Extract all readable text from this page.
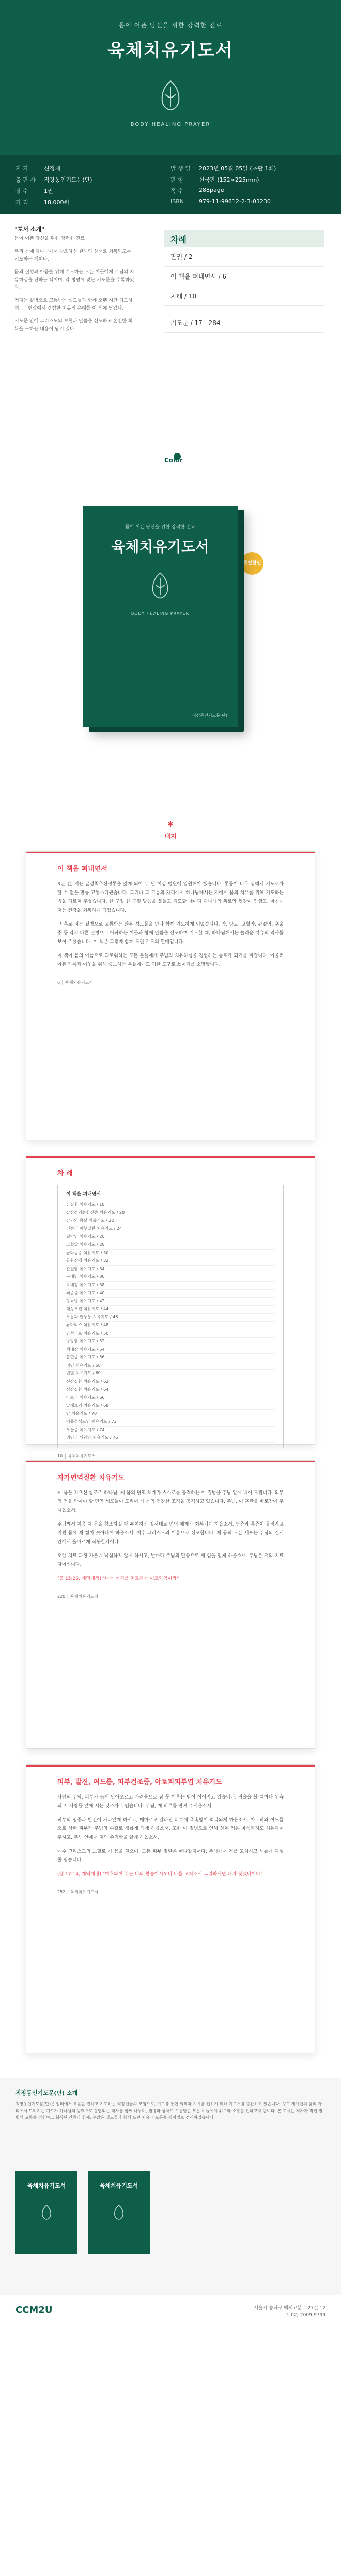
몸이 어픈 당신을 위한 강력한 진료
육체치유기도서
BODY HEALING PRAYER
지 자	신정재
출 판 사	직장동인기도문(단)
장 수	1권
가 격	18,000원
발 행 일	2023년 05월 05일 (초판 1쇄)
판 형	신국판 (152×225mm)
쪽 수	288page
ISBN	979-11-99612-2-3-03230
"도서 소개"

몸이 어픈 당신을 위한 강력한 진료

우리 몸에 하나님께서 창조하신 원래의 상태로 회복되도록 기도하는 책이다.

몸의 질병과 아픔을 위해 기도하는 모든 이들에게 주님의 치유하심을 전하는 책이며, 각 병명에 맞는 기도문을 수록하였다.

저자는 질병으로 고통받는 성도들과 함께 오랜 시간 기도하며, 그 현장에서 경험한 치유의 은혜를 이 책에 담았다.

기도문 안에 그리스도의 보혈과 말씀을 선포하고 온전한 회복을 구하는 내용이 담겨 있다.

차례
판권 / 2
이 책을 펴내면서 / 6
차례 / 10
기도문 / 17 - 284
Color
특별할인
몸이 어픈 당신을 위한 강력한 진료
육체치유기도서
BODY HEALING PRAYER
직장동인기도문(단)
✱
내지
이 책을 펴내면서

3년 전, 저는 급성척추신경통을 앓게 되어 두 달 이상 병원에 입원해야 했습니다. 통증이 너무 심해서 기도조차 할 수 없을 만큼 고통스러웠습니다. 그러나 그 고통의 자리에서 하나님께서는 저에게 몸의 치유를 위해 기도하는 법을 가르쳐 주셨습니다. 한 구절 한 구절 말씀을 붙들고 기도할 때마다 하나님의 위로와 평강이 임했고, 마침내 저는 건강을 회복하게 되었습니다.

그 후로 저는 질병으로 고통받는 많은 성도들을 만나 함께 기도하게 되었습니다. 암, 당뇨, 고혈압, 관절염, 우울증 등 각기 다른 질병으로 아파하는 이들과 함께 말씀을 선포하며 기도할 때, 하나님께서는 놀라운 치유의 역사를 보여 주셨습니다. 이 책은 그렇게 함께 드린 기도의 열매입니다.

이 책이 몸의 아픔으로 괴로워하는 모든 분들에게 주님의 치유하심을 경험하는 통로가 되기를 바랍니다. 아울러 아픈 가족과 이웃을 위해 중보하는 분들에게도 귀한 도구로 쓰이기를 소망합니다.

6 │ 육체치유기도서
차 례
이 책을 펴내면서
간질환 치유기도 / 18
갑상선기능항진증 치유기도 / 20
감기와 몸살 치유기도 / 22
건선과 피부질환 치유기도 / 24
결막염 치유기도 / 26
고혈압 치유기도 / 28
골다공증 치유기도 / 30
공황장애 치유기도 / 32
관절염 치유기도 / 34
구내염 치유기도 / 36
녹내장 치유기도 / 38
뇌졸중 치유기도 / 40
당뇨병 치유기도 / 42
대상포진 치유기도 / 44
두통과 편두통 치유기도 / 46
류마티스 치유기도 / 48
만성피로 치유기도 / 50
방광염 치유기도 / 52
백내장 치유기도 / 54
불면증 치유기도 / 56
비염 치유기도 / 58
빈혈 치유기도 / 60
신장질환 치유기도 / 62
심장질환 치유기도 / 64
아토피 치유기도 / 66
알레르기 치유기도 / 68
암 치유기도 / 70
역류성식도염 치유기도 / 72
우울증 치유기도 / 74
위염과 위궤양 치유기도 / 76
10 │ 육체치유기도서
자가면역질환 치유기도

제 몸을 지으신 창조주 하나님, 제 몸의 면역 체계가 스스로를 공격하는 이 질병을 주님 앞에 내어 드립니다. 외부의 적을 막아야 할 면역 세포들이 도리어 제 몸의 건강한 조직을 공격하고 있습니다. 주님, 이 혼란을 바로잡아 주시옵소서.

주님께서 처음 제 몸을 창조하실 때 부여하신 질서대로 면역 체계가 회복되게 하옵소서. 염증과 통증이 물러가고 지친 몸에 새 힘이 솟아나게 하옵소서. 예수 그리스도의 이름으로 선포합니다. 제 몸의 모든 세포는 주님의 질서 안에서 올바르게 작동할지어다.

오랜 치료 과정 가운데 낙심하지 않게 하시고, 날마다 주님의 말씀으로 새 힘을 얻게 하옵소서. 주님은 저의 치료자이십니다.

(출 15:26, 개역개정) "나는 너희를 치료하는 여호와임이라"
220 │ 육체치유기도서
피부, 발진, 여드름, 피부건조증, 아토피피부염 치유기도

사랑의 주님, 피부가 붉게 달아오르고 가려움으로 잠 못 이루는 밤이 이어지고 있습니다. 거울을 볼 때마다 위축되고, 사람들 앞에 서는 것조차 두렵습니다. 주님, 제 피부를 만져 주시옵소서.

피부의 염증과 발진이 가라앉게 하시고, 메마르고 갈라진 피부에 촉촉함이 회복되게 하옵소서. 아토피와 여드름으로 상한 피부가 주님의 손길로 새롭게 되게 하옵소서. 또한 이 질병으로 인해 상처 입은 마음까지도 치유하여 주시고, 주님 안에서 저의 존귀함을 알게 하옵소서.

예수 그리스도의 보혈로 제 몸을 덮으며, 모든 피부 질환은 떠나갈지어다. 주님께서 저를 고치시고 새롭게 하실 줄 믿습니다.

(렘 17:14, 개역개정) "여호와여 주는 나의 찬송이시오니 나를 고치소서 그리하시면 내가 낫겠나이다"
252 │ 육체치유기도서
직장동인기도문(단) 소개
직장동인기도문(단)은 일터에서 복음을 전하고 기도하는 직장인들의 모임으로, 기도를 통한 회복과 치유를 전하기 위해 기도서를 출간하고 있습니다. 성도 개개인의 삶의 자리에서 드려지는 기도가 하나님의 능력으로 응답되는 역사를 함께 나누며, 질병과 상처로 고통받는 모든 이들에게 위로와 소망을 전하고자 합니다. 본 도서는 저자가 직접 질병의 고통을 경험하고 회복된 간증과 함께, 수많은 성도들과 함께 드린 치유 기도문을 병명별로 정리하였습니다.
육체치유기도서	육체치유기도서
CCM2U	서울시 송파구 백제고분로 27길 12
T. 02) 2009-9799
